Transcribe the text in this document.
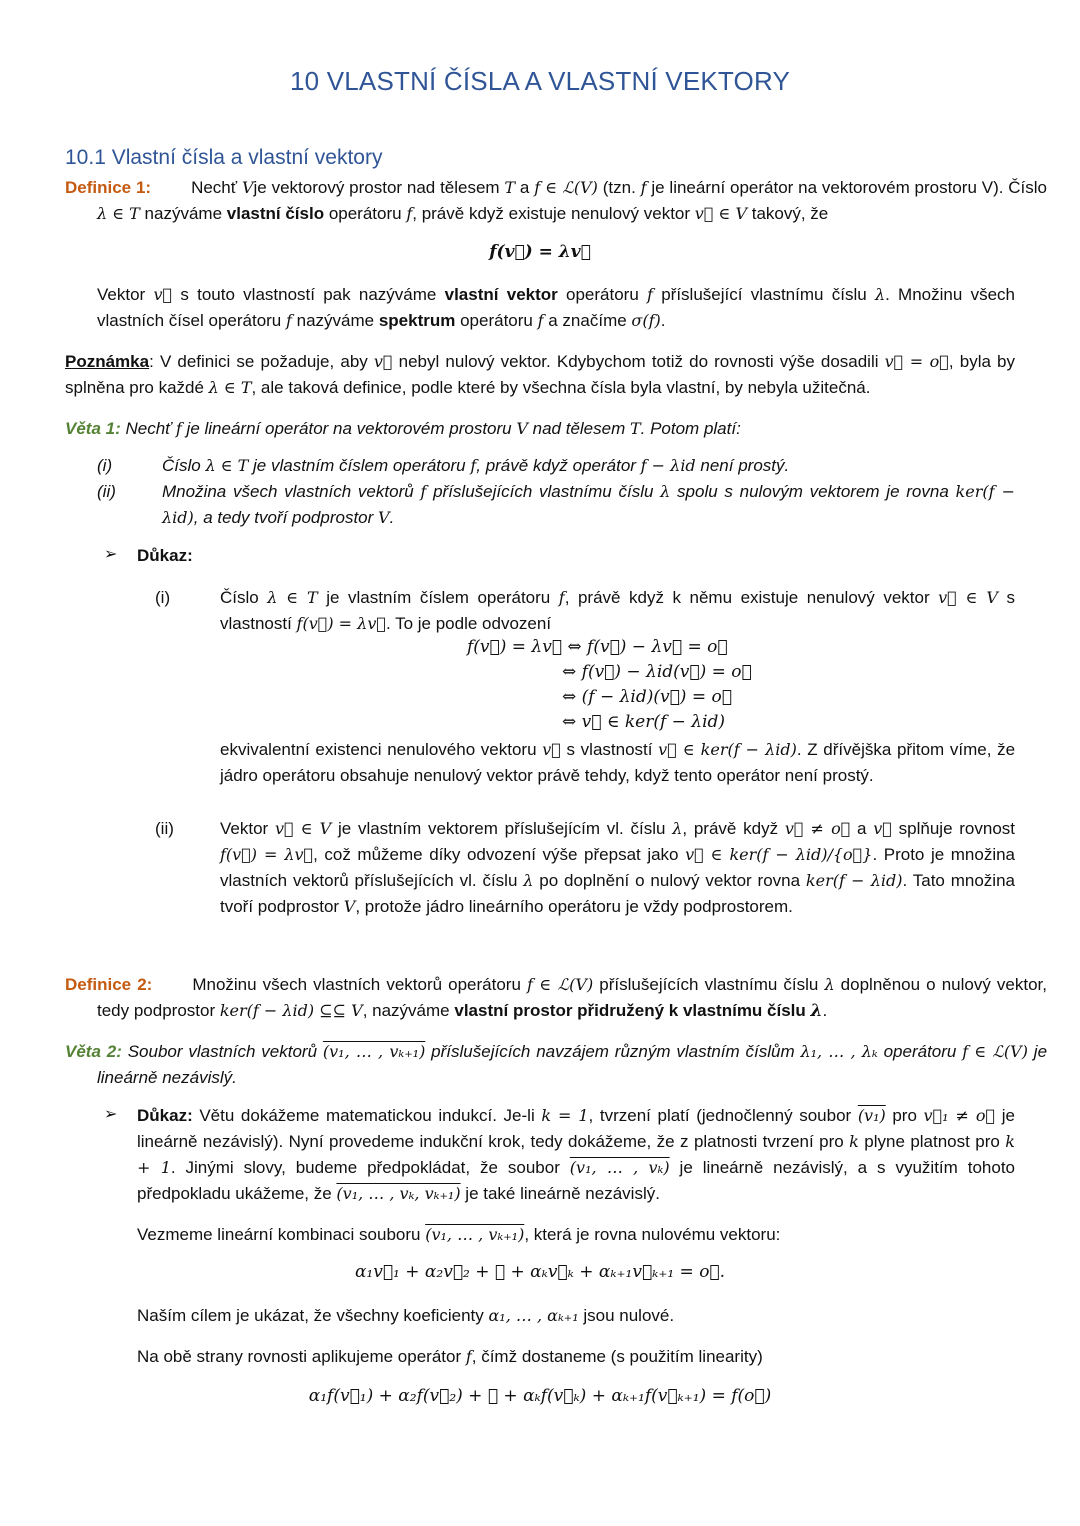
10 VLASTNÍ ČÍSLA A VLASTNÍ VEKTORY
10.1 Vlastní čísla a vlastní vektory
Definice 1: Nechť Vje vektorový prostor nad tělesem T a f ∈ ℒ(V) (tzn. f je lineární operátor na vektorovém prostoru V). Číslo λ ∈ T nazýváme vlastní číslo operátoru f, právě když existuje nenulový vektor v⃗ ∈ V takový, že
f(v⃗) = λv⃗
Vektor v⃗ s touto vlastností pak nazýváme vlastní vektor operátoru f příslušející vlastnímu číslu λ. Množinu všech vlastních čísel operátoru f nazýváme spektrum operátoru f a značíme σ(f).
Poznámka: V definici se požaduje, aby v⃗ nebyl nulový vektor. Kdybychom totiž do rovnosti výše dosadili v⃗ = o⃗, byla by splněna pro každé λ ∈ T, ale taková definice, podle které by všechna čísla byla vlastní, by nebyla užitečná.
Věta 1: Nechť f je lineární operátor na vektorovém prostoru V nad tělesem T. Potom platí:
(i)	Číslo λ ∈ T je vlastním číslem operátoru f, právě když operátor f − λid není prostý.
(ii)	Množina všech vlastních vektorů f příslušejících vlastnímu číslu λ spolu s nulovým vektorem je rovna ker(f − λid), a tedy tvoří podprostor V.
➢ Důkaz:
(i)	Číslo λ ∈ T je vlastním číslem operátoru f, právě když k němu existuje nenulový vektor v⃗ ∈ V s vlastností f(v⃗) = λv⃗. To je podle odvození
f(v⃗) = λv⃗ ⇔ f(v⃗) − λv⃗ = o⃗
⇔ f(v⃗) − λid(v⃗) = o⃗
⇔ (f − λid)(v⃗) = o⃗
⇔ v⃗ ∈ ker(f − λid)
ekvivalentní existenci nenulového vektoru v⃗ s vlastností v⃗ ∈ ker(f − λid). Z dřívějška přitom víme, že jádro operátoru obsahuje nenulový vektor právě tehdy, když tento operátor není prostý.
(ii)	Vektor v⃗ ∈ V je vlastním vektorem příslušejícím vl. číslu λ, právě když v⃗ ≠ o⃗ a v⃗ splňuje rovnost f(v⃗) = λv⃗, což můžeme díky odvození výše přepsat jako v⃗ ∈ ker(f − λid)/{o⃗}. Proto je množina vlastních vektorů příslušejících vl. číslu λ po doplnění o nulový vektor rovna ker(f − λid). Tato množina tvoří podprostor V, protože jádro lineárního operátoru je vždy podprostorem.
Definice 2: Množinu všech vlastních vektorů operátoru f ∈ ℒ(V) příslušejících vlastnímu číslu λ doplněnou o nulový vektor, tedy podprostor ker(f − λid) ⊆⊆ V, nazýváme vlastní prostor přidružený k vlastnímu číslu λ.
Věta 2: Soubor vlastních vektorů (v₁, … , vₖ₊₁) příslušejících navzájem různým vlastním číslům λ₁, … , λₖ operátoru f ∈ ℒ(V) je lineárně nezávislý.
➢ Důkaz: Větu dokážeme matematickou indukcí. Je-li k = 1, tvrzení platí (jednočlenný soubor (v₁) pro v⃗₁ ≠ o⃗ je lineárně nezávislý). Nyní provedeme indukční krok, tedy dokážeme, že z platnosti tvrzení pro k plyne platnost pro k + 1. Jinými slovy, budeme předpokládat, že soubor (v₁, … , vₖ) je lineárně nezávislý, a s využitím tohoto předpokladu ukážeme, že (v₁, … , vₖ, vₖ₊₁) je také lineárně nezávislý.
Vezmeme lineární kombinaci souboru (v₁, … , vₖ₊₁), která je rovna nulovému vektoru:
α₁v⃗₁ + α₂v⃗₂ + ⋯ + αₖv⃗ₖ + αₖ₊₁v⃗ₖ₊₁ = o⃗.
Naším cílem je ukázat, že všechny koeficienty α₁, … , αₖ₊₁ jsou nulové.
Na obě strany rovnosti aplikujeme operátor f, čímž dostaneme (s použitím linearity)
α₁f(v⃗₁) + α₂f(v⃗₂) + ⋯ + αₖf(v⃗ₖ) + αₖ₊₁f(v⃗ₖ₊₁) = f(o⃗)
